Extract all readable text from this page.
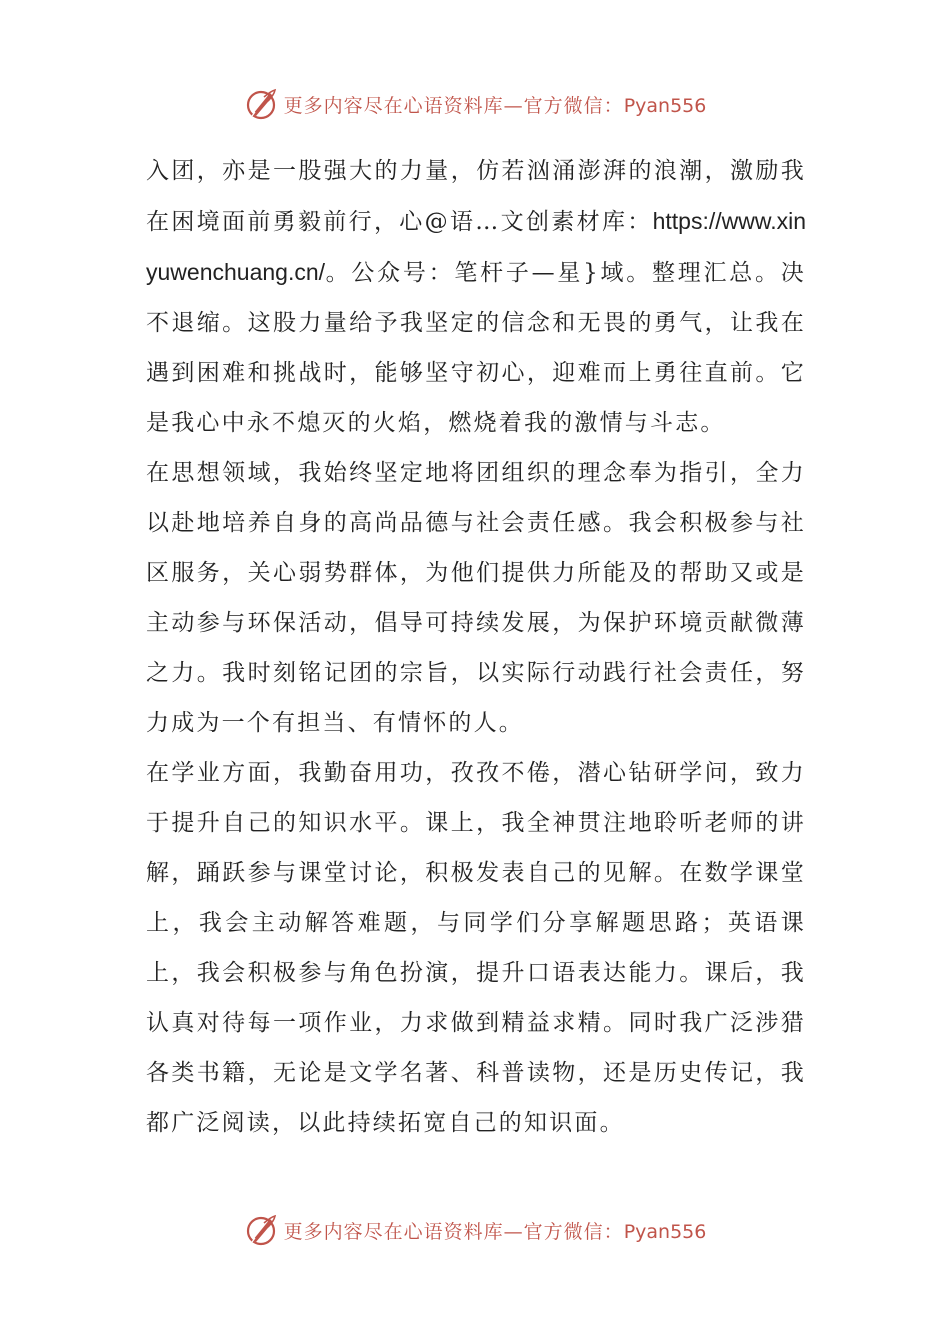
更多内容尽在心语资料库—官方微信：Pyan556

入团，亦是一股强大的力量，仿若汹涌澎湃的浪潮，激励我在困境面前勇毅前行，心@语…文创素材库：https://www.xinyuwenchuang.cn/。公众号：笔杆子—星}域。整理汇总。决不退缩。这股力量给予我坚定的信念和无畏的勇气，让我在遇到困难和挑战时，能够坚守初心，迎难而上勇往直前。它是我心中永不熄灭的火焰，燃烧着我的激情与斗志。

在思想领域，我始终坚定地将团组织的理念奉为指引，全力以赴地培养自身的高尚品德与社会责任感。我会积极参与社区服务，关心弱势群体，为他们提供力所能及的帮助又或是主动参与环保活动，倡导可持续发展，为保护环境贡献微薄之力。我时刻铭记团的宗旨，以实际行动践行社会责任，努力成为一个有担当、有情怀的人。

在学业方面，我勤奋用功，孜孜不倦，潜心钻研学问，致力于提升自己的知识水平。课上，我全神贯注地聆听老师的讲解，踊跃参与课堂讨论，积极发表自己的见解。在数学课堂上，我会主动解答难题，与同学们分享解题思路；英语课上，我会积极参与角色扮演，提升口语表达能力。课后，我认真对待每一项作业，力求做到精益求精。同时我广泛涉猎各类书籍，无论是文学名著、科普读物，还是历史传记，我都广泛阅读，以此持续拓宽自己的知识面。

更多内容尽在心语资料库—官方微信：Pyan556
